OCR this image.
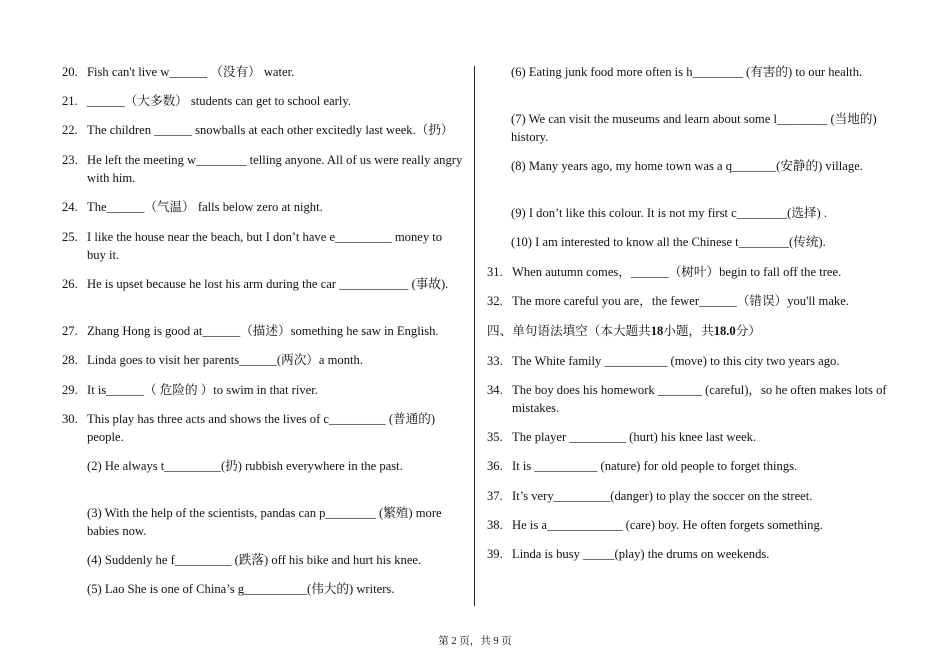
20. Fish can't live w______ （没有） water.
21. ______（大多数） students can get to school early.
22. The children ______ snowballs at each other excitedly last week.（扔）
23. He left the meeting w________ telling anyone. All of us were really angry with him.
24. The______（气温） falls below zero at night.
25. I like the house near the beach, but I don’t have e_________ money to buy it.
26. He is upset because he lost his arm during the car ___________ (事故).
27. Zhang Hong is good at______（描述）something he saw in English.
28. Linda goes to visit her parents______(两次）a month.
29. It is______（ 危险的 ）to swim in that river.
30. This play has three acts and shows the lives of c_________ (普通的) people.
(2) He always t_________(扔) rubbish everywhere in the past.
(3) With the help of the scientists, pandas can p________ (繁殖) more babies now.
(4) Suddenly he f_________ (跌落) off his bike and hurt his knee.
(5) Lao She is one of China’s g__________(伟大的) writers.
(6) Eating junk food more often is h________ (有害的) to our health.
(7) We can visit the museums and learn about some l________ (当地的) history.
(8) Many years ago, my home town was a q_______(安静的) village.
(9) I don’t like this colour. It is not my first c________(选择) .
(10) I am interested to know all the Chinese t________(传统).
31. When autumn comes，______（树叶）begin to fall off the tree.
32. The more careful you are，the fewer______（错误）you'll make.
四、单句语法填空（本大题共18小题，共18.0分）
33. The White family __________ (move) to this city two years ago.
34. The boy does his homework _______ (careful)，so he often makes lots of mistakes.
35. The player _________ (hurt) his knee last week.
36. It is __________ (nature) for old people to forget things.
37. It’s very_________(danger) to play the soccer on the street.
38. He is a____________ (care) boy. He often forgets something.
39. Linda is busy _____(play) the drums on weekends.
第 2 页，共 9 页
